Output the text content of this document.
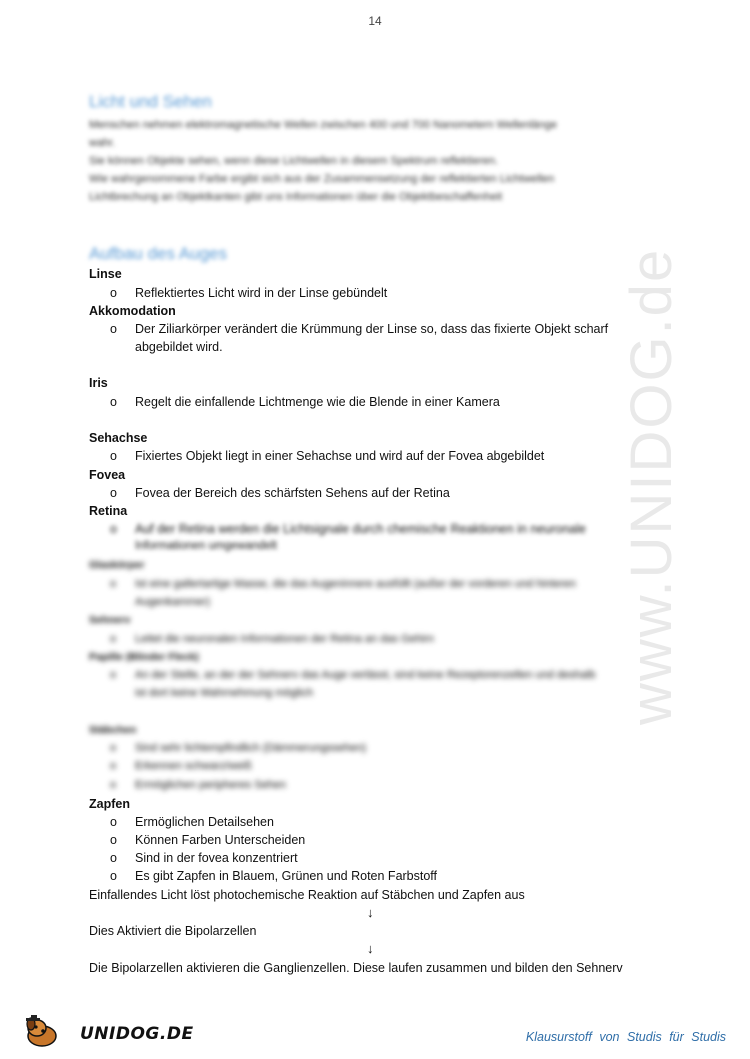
14
www.UNIDOG.de
Licht und Sehen
Menschen nehmen elektromagnetische Wellen zwischen 400 und 700 Nanometern Wellenlänge
wahr.
Sie können Objekte sehen, wenn diese Lichtwellen in diesem Spektrum reflektieren.
Wie wahrgenommene Farbe ergibt sich aus der Zusammensetzung der reflektierten Lichtwellen
Lichtbrechung an Objektkanten gibt uns Informationen über die Objektbeschaffenheit
Aufbau des Auges
Linse
o Reflektiertes Licht wird in der Linse gebündelt
Akkomodation
o Der Ziliarkörper verändert die Krümmung der Linse so, dass das fixierte Objekt scharf
abgebildet wird.
Iris
o Regelt die einfallende Lichtmenge wie die Blende in einer Kamera
Sehachse
o Fixiertes Objekt liegt in einer Sehachse und wird auf der Fovea abgebildet
Fovea
o Fovea der Bereich des schärfsten Sehens auf der Retina
Retina
o Auf der Retina werden die Lichtsignale durch chemische Reaktionen in neuronale
Informationen umgewandelt
Glaskörper
o Ist eine gallertartige Masse, die das Augeninnere ausfüllt (außer der vorderen und hinteren
Augenkammer)
Sehnerv
o Leitet die neuronalen Informationen der Retina an das Gehirn
Papille (Blinder Fleck)
o An der Stelle, an der der Sehnerv das Auge verlässt, sind keine Rezeptorenzellen und deshalb
ist dort keine Wahrnehmung möglich
Stäbchen
o Sind sehr lichtempfindlich (Dämmerungssehen)
o Erkennen schwarz/weiß
o Ermöglichen peripheres Sehen
Zapfen
o Ermöglichen Detailsehen
o Können Farben Unterscheiden
o Sind in der fovea konzentriert
o Es gibt Zapfen in Blauem, Grünen und Roten Farbstoff
Einfallendes Licht löst photochemische Reaktion auf Stäbchen und Zapfen aus
↓
Dies Aktiviert die Bipolarzellen
↓
Die Bipolarzellen aktivieren die Ganglienzellen. Diese laufen zusammen und bilden den Sehnerv
UNIDOG.DE	Klausurstoff von Studis für Studis
